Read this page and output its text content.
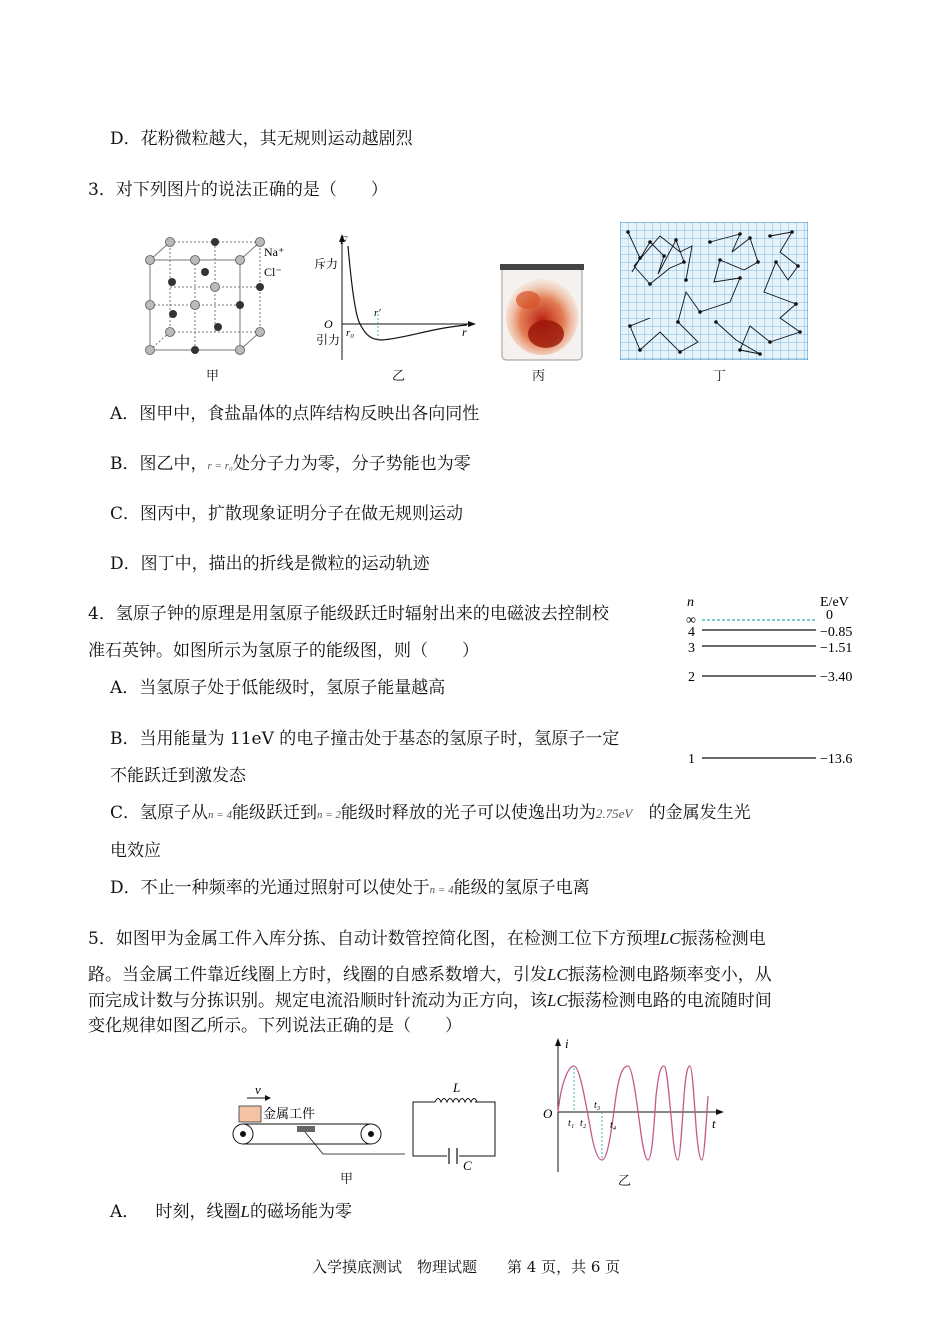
D．花粉微粒越大，其无规则运动越剧烈
3．对下列图片的说法正确的是（　　）
Na⁺
Cl⁻
甲
F
斥力
引力
O
r₀
r′
r
乙	丙	丁
A．图甲中，食盐晶体的点阵结构反映出各向同性
B．图乙中，r = r₀处分子力为零，分子势能也为零
C．图丙中，扩散现象证明分子在做无规则运动
D．图丁中，描出的折线是微粒的运动轨迹
4．氢原子钟的原理是用氢原子能级跃迁时辐射出来的电磁波去控制校
准石英钟。如图所示为氢原子的能级图，则（　　）
n	E/eV
∞	0
4	−0.85
3	−1.51
2	−3.40
1	−13.6
A．当氢原子处于低能级时，氢原子能量越高
B．当用能量为 11eV 的电子撞击处于基态的氢原子时，氢原子一定
不能跃迁到激发态
C．氢原子从n = 4能级跃迁到n = 2能级时释放的光子可以使逸出功为2.75eV 的金属发生光
电效应
D．不止一种频率的光通过照射可以使处于n = 4能级的氢原子电离
5．如图甲为金属工件入库分拣、自动计数管控简化图，在检测工位下方预埋LC振荡检测电
路。当金属工件靠近线圈上方时，线圈的自感系数增大，引发LC振荡检测电路频率变小，从
而完成计数与分拣识别。规定电流沿顺时针流动为正方向，该LC振荡检测电路的电流随时间
变化规律如图乙所示。下列说法正确的是（　　）
v
金属工件
L
C
甲
i
O
t
t₁ t₂
t₃
t₄
乙
A． 时刻，线圈L的磁场能为零
入学摸底测试　物理试题　　第 4 页，共 6 页
